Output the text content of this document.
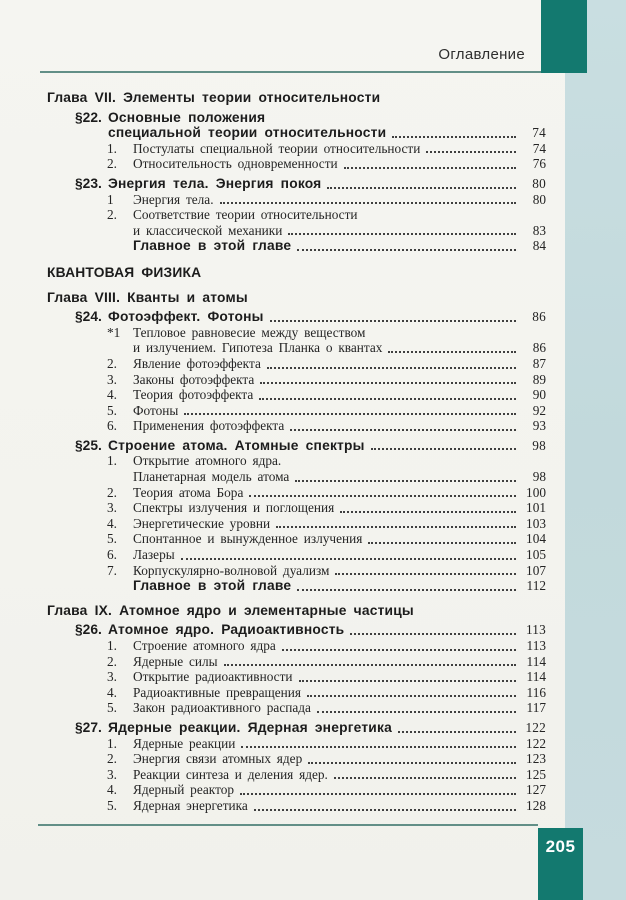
Оглавление
Глава VII. Элементы теории относительности
§22. Основные положения
специальной теории относительности	74
1.	Постулаты специальной теории относительности	74
2.	Относительность одновременности	76
§23. Энергия тела. Энергия покоя	80
1	Энергия тела.	80
2.	Соответствие теории относительности
и классической механики	83
Главное в этой главе	84
КВАНТОВАЯ ФИЗИКА
Глава VIII. Кванты и атомы
§24. Фотоэффект. Фотоны	86
*1 Тепловое равновесие между веществом
и излучением. Гипотеза Планка о квантах	86
2.	Явление фотоэффекта	87
3.	Законы фотоэффекта	89
4.	Теория фотоэффекта	90
5.	Фотоны	92
6.	Применения фотоэффекта	93
§25. Строение атома. Атомные спектры	98
1.	Открытие атомного ядра.
Планетарная модель атома	98
2.	Теория атома Бора	100
3.	Спектры излучения и поглощения	101
4.	Энергетические уровни	103
5.	Спонтанное и вынужденное излучения	104
6.	Лазеры	105
7.	Корпускулярно-волновой дуализм	107
Главное в этой главе	112
Глава IX. Атомное ядро и элементарные частицы
§26. Атомное ядро. Радиоактивность	113
1.	Строение атомного ядра	113
2.	Ядерные силы	114
3.	Открытие радиоактивности	114
4.	Радиоактивные превращения	116
5.	Закон радиоактивного распада	117
§27. Ядерные реакции. Ядерная энергетика	122
1.	Ядерные реакции	122
2.	Энергия связи атомных ядер	123
3.	Реакции синтеза и деления ядер.	125
4.	Ядерный реактор	127
5.	Ядерная энергетика	128
205
